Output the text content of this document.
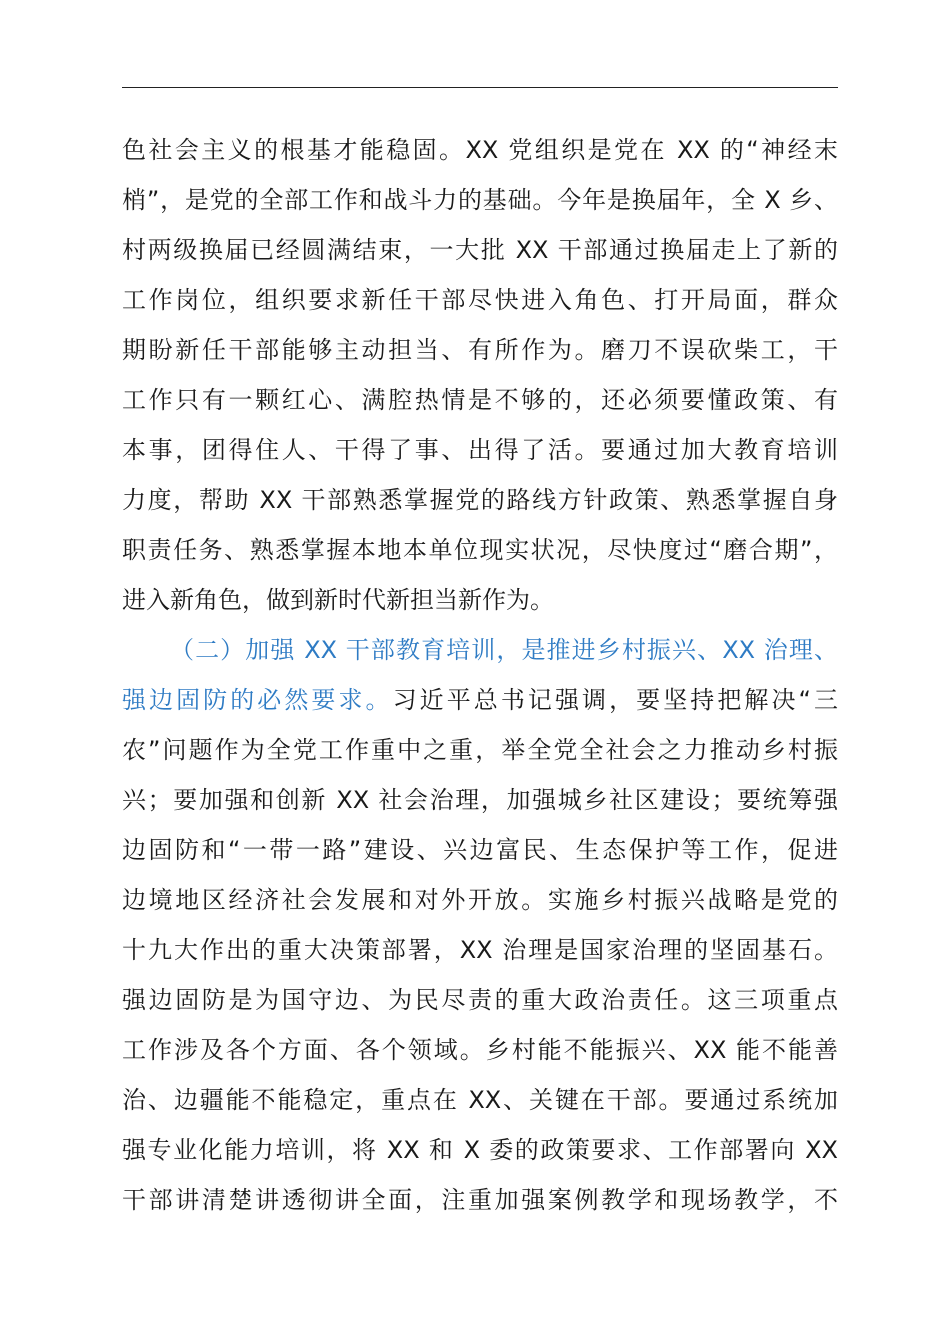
色社会主义的根基才能稳固。XX 党组织是党在 XX 的“神经末
梢”，是党的全部工作和战斗力的基础。今年是换届年，全 X 乡、
村两级换届已经圆满结束，一大批 XX 干部通过换届走上了新的
工作岗位，组织要求新任干部尽快进入角色、打开局面，群众
期盼新任干部能够主动担当、有所作为。磨刀不误砍柴工，干
工作只有一颗红心、满腔热情是不够的，还必须要懂政策、有
本事，团得住人、干得了事、出得了活。要通过加大教育培训
力度，帮助 XX 干部熟悉掌握党的路线方针政策、熟悉掌握自身
职责任务、熟悉掌握本地本单位现实状况，尽快度过“磨合期”，
进入新角色，做到新时代新担当新作为。
（二）加强 XX 干部教育培训，是推进乡村振兴、XX 治理、
强边固防的必然要求。习近平总书记强调，要坚持把解决“三
农”问题作为全党工作重中之重，举全党全社会之力推动乡村振
兴；要加强和创新 XX 社会治理，加强城乡社区建设；要统筹强
边固防和“一带一路”建设、兴边富民、生态保护等工作，促进
边境地区经济社会发展和对外开放。实施乡村振兴战略是党的
十九大作出的重大决策部署，XX 治理是国家治理的坚固基石。
强边固防是为国守边、为民尽责的重大政治责任。这三项重点
工作涉及各个方面、各个领域。乡村能不能振兴、XX 能不能善
治、边疆能不能稳定，重点在 XX、关键在干部。要通过系统加
强专业化能力培训，将 XX 和 X 委的政策要求、工作部署向 XX
干部讲清楚讲透彻讲全面，注重加强案例教学和现场教学，不
